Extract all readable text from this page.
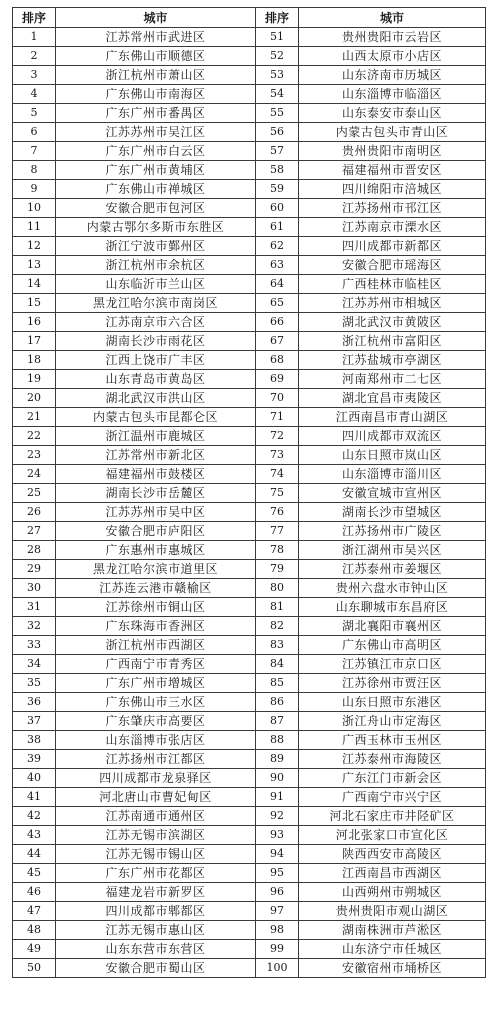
排序	城市	排序	城市
1	江苏常州市武进区	51	贵州贵阳市云岩区
2	广东佛山市顺德区	52	山西太原市小店区
3	浙江杭州市萧山区	53	山东济南市历城区
4	广东佛山市南海区	54	山东淄博市临淄区
5	广东广州市番禺区	55	山东泰安市泰山区
6	江苏苏州市吴江区	56	内蒙古包头市青山区
7	广东广州市白云区	57	贵州贵阳市南明区
8	广东广州市黄埔区	58	福建福州市晋安区
9	广东佛山市禅城区	59	四川绵阳市涪城区
10	安徽合肥市包河区	60	江苏扬州市邗江区
11	内蒙古鄂尔多斯市东胜区	61	江苏南京市溧水区
12	浙江宁波市鄞州区	62	四川成都市新都区
13	浙江杭州市余杭区	63	安徽合肥市瑶海区
14	山东临沂市兰山区	64	广西桂林市临桂区
15	黑龙江哈尔滨市南岗区	65	江苏苏州市相城区
16	江苏南京市六合区	66	湖北武汉市黄陂区
17	湖南长沙市雨花区	67	浙江杭州市富阳区
18	江西上饶市广丰区	68	江苏盐城市亭湖区
19	山东青岛市黄岛区	69	河南郑州市二七区
20	湖北武汉市洪山区	70	湖北宜昌市夷陵区
21	内蒙古包头市昆都仑区	71	江西南昌市青山湖区
22	浙江温州市鹿城区	72	四川成都市双流区
23	江苏常州市新北区	73	山东日照市岚山区
24	福建福州市鼓楼区	74	山东淄博市淄川区
25	湖南长沙市岳麓区	75	安徽宣城市宣州区
26	江苏苏州市吴中区	76	湖南长沙市望城区
27	安徽合肥市庐阳区	77	江苏扬州市广陵区
28	广东惠州市惠城区	78	浙江湖州市吴兴区
29	黑龙江哈尔滨市道里区	79	江苏泰州市姜堰区
30	江苏连云港市赣榆区	80	贵州六盘水市钟山区
31	江苏徐州市铜山区	81	山东聊城市东昌府区
32	广东珠海市香洲区	82	湖北襄阳市襄州区
33	浙江杭州市西湖区	83	广东佛山市高明区
34	广西南宁市青秀区	84	江苏镇江市京口区
35	广东广州市增城区	85	江苏徐州市贾汪区
36	广东佛山市三水区	86	山东日照市东港区
37	广东肇庆市高要区	87	浙江舟山市定海区
38	山东淄博市张店区	88	广西玉林市玉州区
39	江苏扬州市江都区	89	江苏泰州市海陵区
40	四川成都市龙泉驿区	90	广东江门市新会区
41	河北唐山市曹妃甸区	91	广西南宁市兴宁区
42	江苏南通市通州区	92	河北石家庄市井陉矿区
43	江苏无锡市滨湖区	93	河北张家口市宣化区
44	江苏无锡市锡山区	94	陕西西安市高陵区
45	广东广州市花都区	95	江西南昌市西湖区
46	福建龙岩市新罗区	96	山西朔州市朔城区
47	四川成都市郫都区	97	贵州贵阳市观山湖区
48	江苏无锡市惠山区	98	湖南株洲市芦淞区
49	山东东营市东营区	99	山东济宁市任城区
50	安徽合肥市蜀山区	100	安徽宿州市埇桥区
